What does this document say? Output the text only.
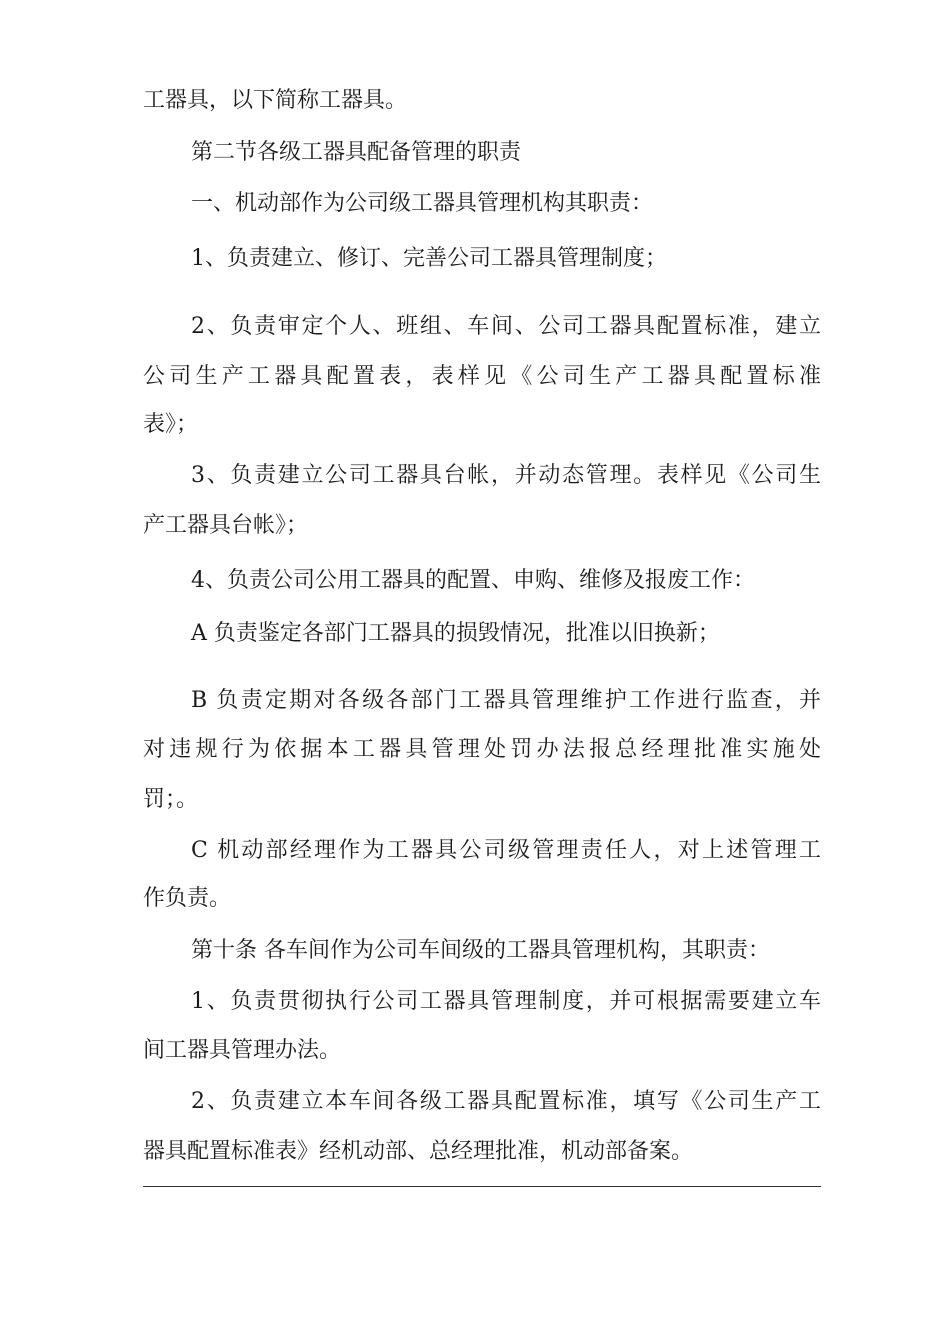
工器具，以下简称工器具。
第二节各级工器具配备管理的职责
一、机动部作为公司级工器具管理机构其职责：
1、负责建立、修订、完善公司工器具管理制度；
2、负责审定个人、班组、车间、公司工器具配置标准，建立
公司生产工器具配置表，表样见《公司生产工器具配置标准
表》；
3、负责建立公司工器具台帐，并动态管理。表样见《公司生
产工器具台帐》；
4、负责公司公用工器具的配置、申购、维修及报废工作：
A 负责鉴定各部门工器具的损毁情况，批准以旧换新；
B 负责定期对各级各部门工器具管理维护工作进行监查，并
对违规行为依据本工器具管理处罚办法报总经理批准实施处
罚；。
C 机动部经理作为工器具公司级管理责任人，对上述管理工
作负责。
第十条 各车间作为公司车间级的工器具管理机构，其职责：
1、负责贯彻执行公司工器具管理制度，并可根据需要建立车
间工器具管理办法。
2、负责建立本车间各级工器具配置标准，填写《公司生产工
器具配置标准表》经机动部、总经理批准，机动部备案。
